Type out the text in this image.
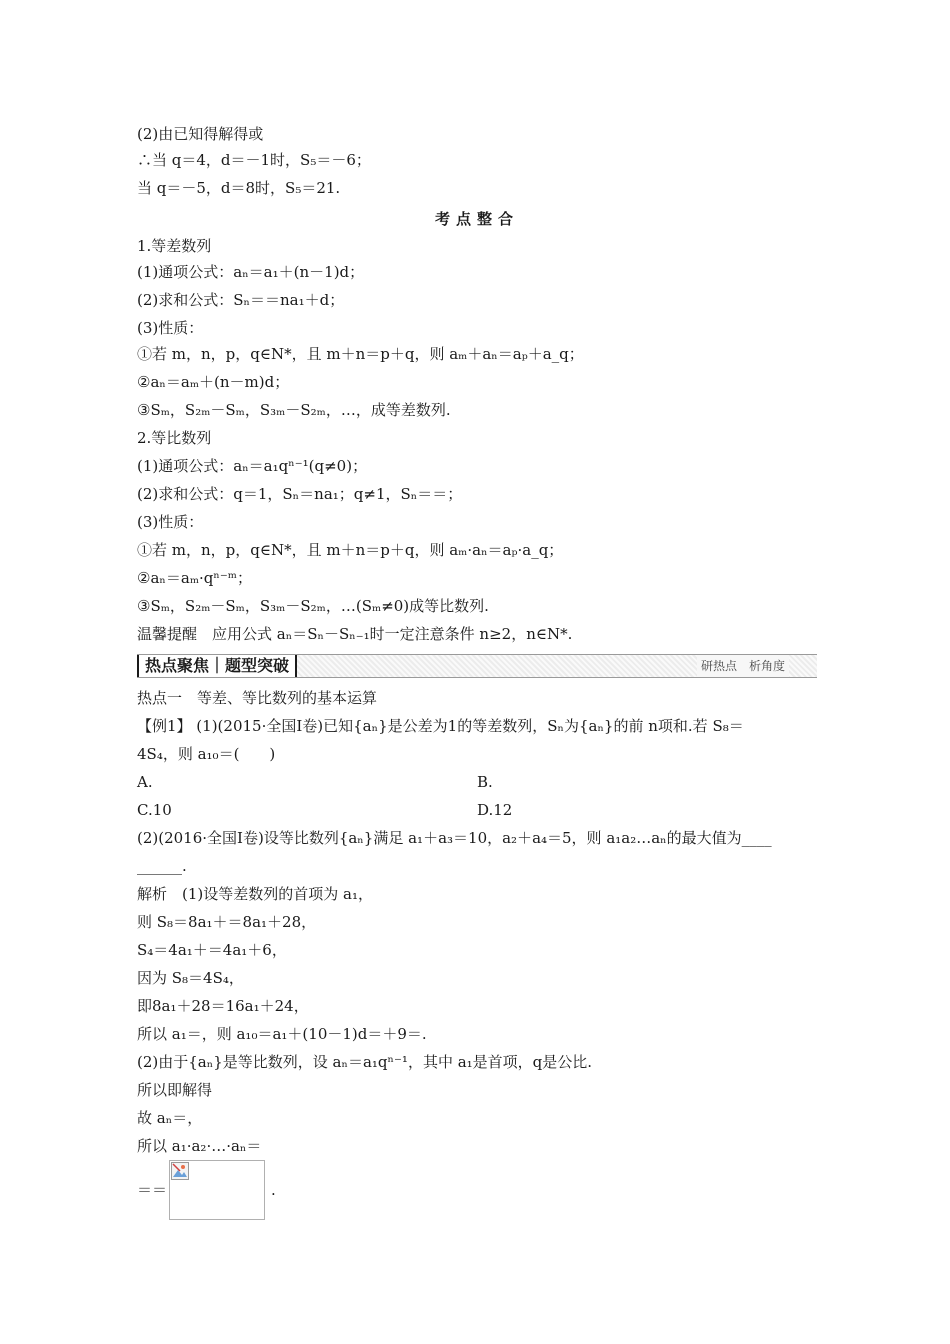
(2)由已知得解得或
∴当 q＝4，d＝－1时，S₅＝－6；
当 q＝－5，d＝8时，S₅＝21.
1.等差数列
(1)通项公式：aₙ＝a₁＋(n－1)d；
(2)求和公式：Sₙ＝＝na₁＋d；
(3)性质：
①若 m，n，p，q∈N*，且 m＋n＝p＋q，则 aₘ＋aₙ＝aₚ＋a_q；
②aₙ＝aₘ＋(n－m)d；
③Sₘ，S₂ₘ－Sₘ，S₃ₘ－S₂ₘ，…，成等差数列.
2.等比数列
(1)通项公式：aₙ＝a₁qⁿ⁻¹(q≠0)；
(2)求和公式：q＝1，Sₙ＝na₁；q≠1，Sₙ＝＝；
(3)性质：
①若 m，n，p，q∈N*，且 m＋n＝p＋q，则 aₘ·aₙ＝aₚ·a_q；
②aₙ＝aₘ·qⁿ⁻ᵐ；
③Sₘ，S₂ₘ－Sₘ，S₃ₘ－S₂ₘ，…(Sₘ≠0)成等比数列.
温馨提醒　应用公式 aₙ＝Sₙ－Sₙ₋₁时一定注意条件 n≥2，n∈N*.
热点一　等差、等比数列的基本运算
【例1】 (1)(2015·全国Ⅰ卷)已知{aₙ}是公差为1的等差数列，Sₙ为{aₙ}的前 n项和.若 S₈＝
4S₄，则 a₁₀＝(　　)
(2)(2016·全国Ⅰ卷)设等比数列{aₙ}满足 a₁＋a₃＝10，a₂＋a₄＝5，则 a₁a₂…aₙ的最大值为____
______.
解析　(1)设等差数列的首项为 a₁，
则 S₈＝8a₁＋＝8a₁＋28，
S₄＝4a₁＋＝4a₁＋6，
因为 S₈＝4S₄，
即8a₁＋28＝16a₁＋24，
所以 a₁＝，则 a₁₀＝a₁＋(10－1)d＝＋9＝.
(2)由于{aₙ}是等比数列，设 aₙ＝a₁qⁿ⁻¹，其中 a₁是首项，q是公比.
所以即解得
故 aₙ＝，
所以 a₁·a₂·…·aₙ＝
＝＝
考点整合
A.	B.
C.10	D.12
热点聚焦｜题型突破	研热点　析角度
.
